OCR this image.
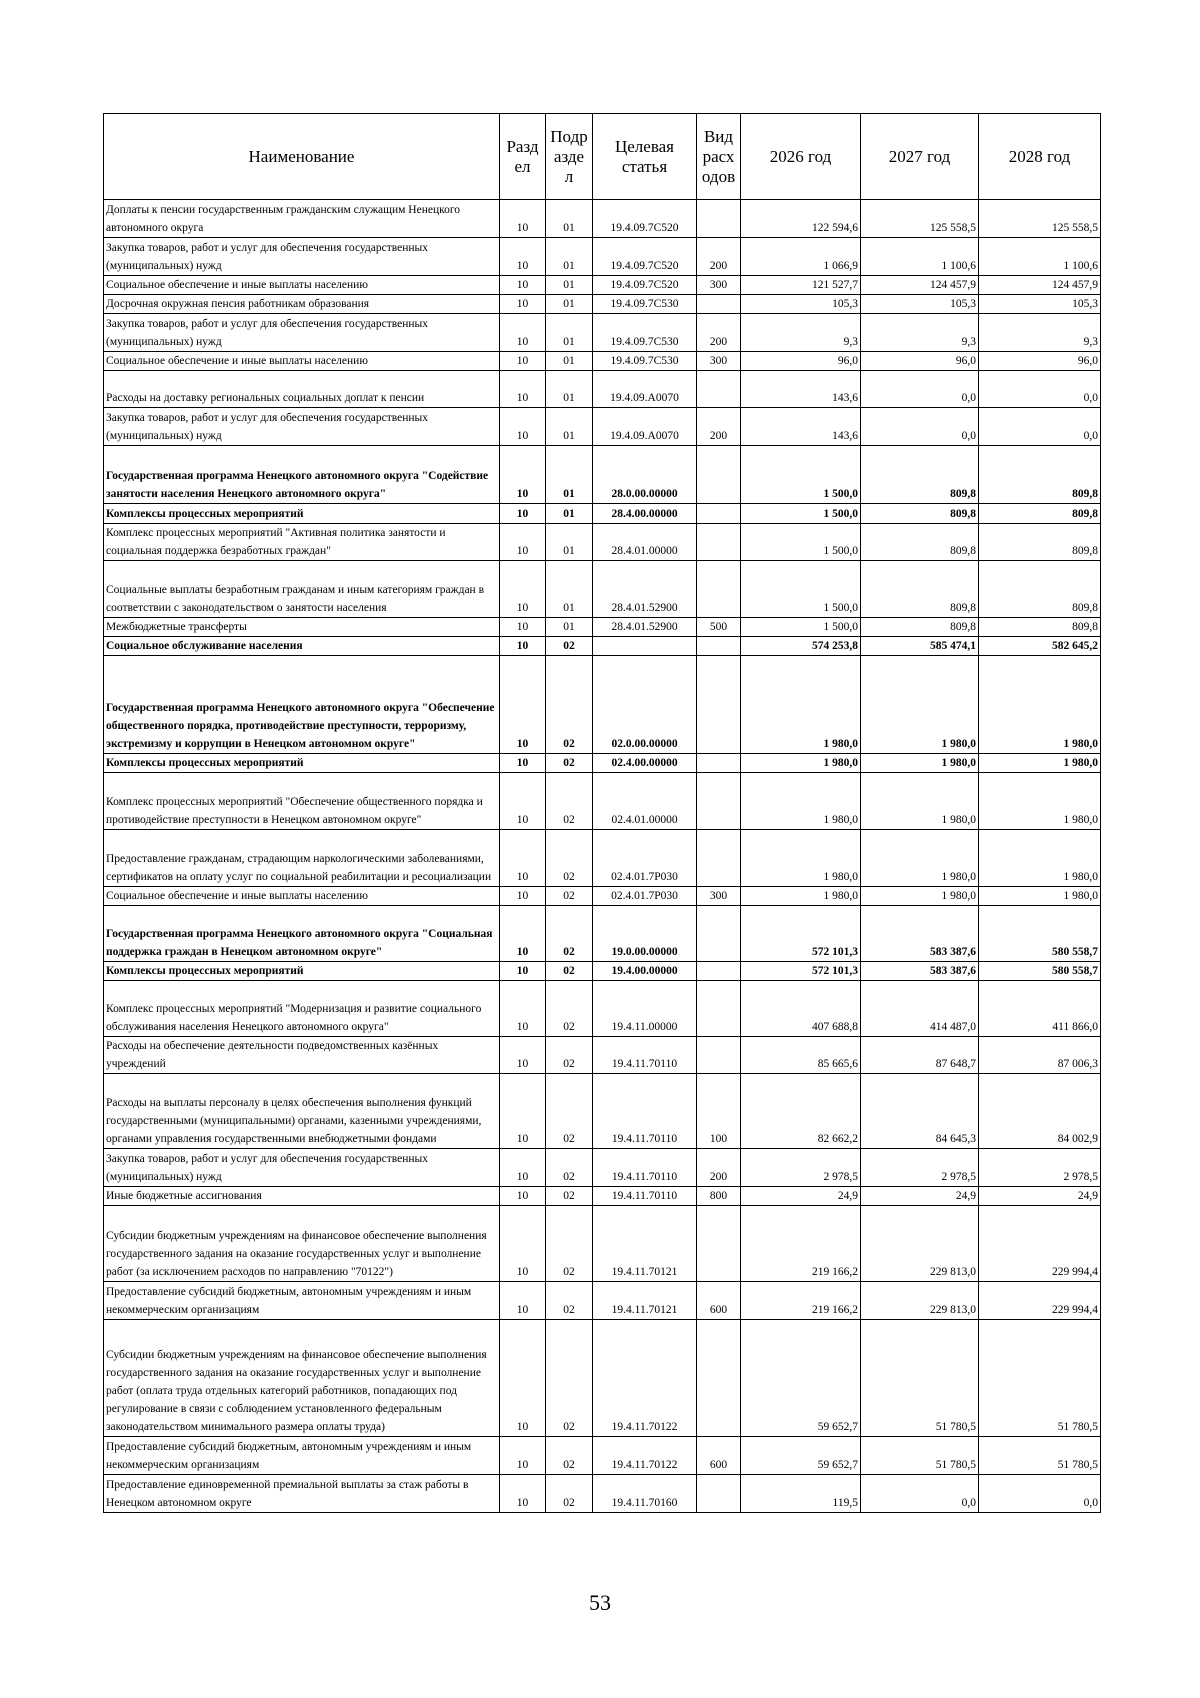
Наименование	Разд ел	Подр азде л	Целевая статья	Вид расх одов	2026 год	2027 год	2028 год
Доплаты к пенсии государственным гражданским служащим Ненецкого автономного округа	10	01	19.4.09.7C520		122 594,6	125 558,5	125 558,5
Закупка товаров, работ и услуг для обеспечения государственных (муниципальных) нужд	10	01	19.4.09.7C520	200	1 066,9	1 100,6	1 100,6
Социальное обеспечение и иные выплаты населению	10	01	19.4.09.7C520	300	121 527,7	124 457,9	124 457,9
Досрочная окружная пенсия работникам образования	10	01	19.4.09.7C530		105,3	105,3	105,3
Закупка товаров, работ и услуг для обеспечения государственных (муниципальных) нужд	10	01	19.4.09.7C530	200	9,3	9,3	9,3
Социальное обеспечение и иные выплаты населению	10	01	19.4.09.7C530	300	96,0	96,0	96,0
Расходы на доставку региональных социальных доплат к пенсии	10	01	19.4.09.A0070		143,6	0,0	0,0
Закупка товаров, работ и услуг для обеспечения государственных (муниципальных) нужд	10	01	19.4.09.A0070	200	143,6	0,0	0,0
Государственная программа Ненецкого автономного округа "Содействие занятости населения Ненецкого автономного округа"	10	01	28.0.00.00000		1 500,0	809,8	809,8
Комплексы процессных мероприятий	10	01	28.4.00.00000		1 500,0	809,8	809,8
Комплекс процессных мероприятий "Активная политика занятости и социальная поддержка безработных граждан"	10	01	28.4.01.00000		1 500,0	809,8	809,8
Социальные выплаты безработным гражданам и иным категориям граждан в соответствии с законодательством о занятости населения	10	01	28.4.01.52900		1 500,0	809,8	809,8
Межбюджетные трансферты	10	01	28.4.01.52900	500	1 500,0	809,8	809,8
Социальное обслуживание населения	10	02			574 253,8	585 474,1	582 645,2
Государственная программа Ненецкого автономного округа "Обеспечение общественного порядка, противодействие преступности, терроризму, экстремизму и коррупции в Ненецком автономном округе"	10	02	02.0.00.00000		1 980,0	1 980,0	1 980,0
Комплексы процессных мероприятий	10	02	02.4.00.00000		1 980,0	1 980,0	1 980,0
Комплекс процессных мероприятий "Обеспечение общественного порядка и противодействие преступности в Ненецком автономном округе"	10	02	02.4.01.00000		1 980,0	1 980,0	1 980,0
Предоставление гражданам, страдающим наркологическими заболеваниями, сертификатов на оплату услуг по социальной реабилитации и ресоциализации	10	02	02.4.01.7P030		1 980,0	1 980,0	1 980,0
Социальное обеспечение и иные выплаты населению	10	02	02.4.01.7P030	300	1 980,0	1 980,0	1 980,0
Государственная программа Ненецкого автономного округа "Социальная поддержка граждан в Ненецком автономном округе"	10	02	19.0.00.00000		572 101,3	583 387,6	580 558,7
Комплексы процессных мероприятий	10	02	19.4.00.00000		572 101,3	583 387,6	580 558,7
Комплекс процессных мероприятий "Модернизация и развитие социального обслуживания населения Ненецкого автономного округа"	10	02	19.4.11.00000		407 688,8	414 487,0	411 866,0
Расходы на обеспечение деятельности подведомственных казённых учреждений	10	02	19.4.11.70110		85 665,6	87 648,7	87 006,3
Расходы на выплаты персоналу в целях обеспечения выполнения функций государственными (муниципальными) органами, казенными учреждениями, органами управления государственными внебюджетными фондами	10	02	19.4.11.70110	100	82 662,2	84 645,3	84 002,9
Закупка товаров, работ и услуг для обеспечения государственных (муниципальных) нужд	10	02	19.4.11.70110	200	2 978,5	2 978,5	2 978,5
Иные бюджетные ассигнования	10	02	19.4.11.70110	800	24,9	24,9	24,9
Субсидии бюджетным учреждениям на финансовое обеспечение выполнения государственного задания на оказание государственных услуг и выполнение работ (за исключением расходов по направлению "70122")	10	02	19.4.11.70121		219 166,2	229 813,0	229 994,4
Предоставление субсидий бюджетным, автономным учреждениям и иным некоммерческим организациям	10	02	19.4.11.70121	600	219 166,2	229 813,0	229 994,4
Субсидии бюджетным учреждениям на финансовое обеспечение выполнения государственного задания на оказание государственных услуг и выполнение работ (оплата труда отдельных категорий работников, попадающих под регулирование в связи с соблюдением установленного федеральным законодательством минимального размера оплаты труда)	10	02	19.4.11.70122		59 652,7	51 780,5	51 780,5
Предоставление субсидий бюджетным, автономным учреждениям и иным некоммерческим организациям	10	02	19.4.11.70122	600	59 652,7	51 780,5	51 780,5
Предоставление единовременной премиальной выплаты за стаж работы в Ненецком автономном округе	10	02	19.4.11.70160		119,5	0,0	0,0
53
